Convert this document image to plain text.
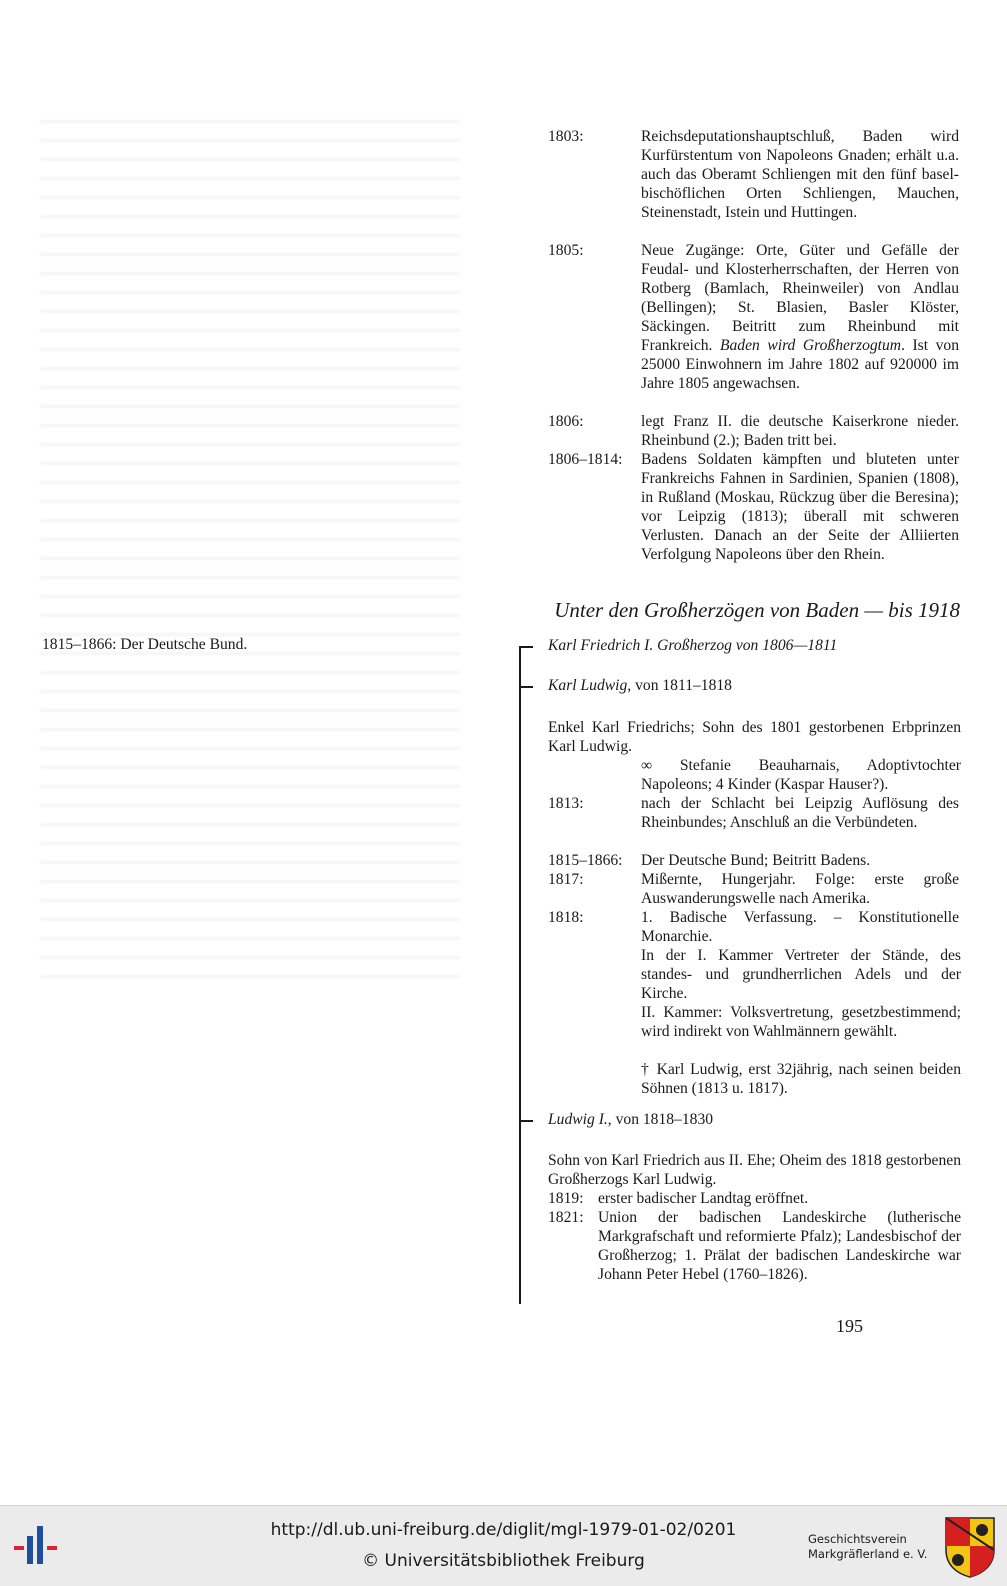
1803:	Reichsdeputationshauptschluß, Baden wird Kurfürstentum von Napoleons Gnaden; erhält u.a. auch das Oberamt Schliengen mit den fünf basel-bischöflichen Orten Schliengen, Mauchen, Steinenstadt, Istein und Huttingen.

1805:	Neue Zugänge: Orte, Güter und Gefälle der Feudal- und Klosterherrschaften, der Herren von Rotberg (Bamlach, Rheinweiler) von Andlau (Bellingen); St. Blasien, Basler Klöster, Säckingen. Beitritt zum Rheinbund mit Frankreich. Baden wird Großherzogtum. Ist von 25000 Einwohnern im Jahre 1802 auf 920000 im Jahre 1805 angewachsen.

1806:	legt Franz II. die deutsche Kaiserkrone nieder. Rheinbund (2.); Baden tritt bei.

1806–1814: Badens Soldaten kämpften und bluteten unter Frankreichs Fahnen in Sardinien, Spanien (1808), in Rußland (Moskau, Rückzug über die Beresina); vor Leipzig (1813); überall mit schweren Verlusten. Danach an der Seite der Alliierten Verfolgung Napoleons über den Rhein.

Unter den Großherzögen von Baden — bis 1918
1815–1866: Der Deutsche Bund.	Karl Friedrich I. Großherzog von 1806—1811
Karl Ludwig, von 1811–1818
Enkel Karl Friedrichs; Sohn des 1801 gestorbenen Erbprinzen Karl Ludwig.
∞ Stefanie Beauharnais, Adoptivtochter Napoleons; 4 Kinder (Kaspar Hauser?).
1813:	nach der Schlacht bei Leipzig Auflösung des Rheinbundes; Anschluß an die Verbündeten.

1815–1866: Der Deutsche Bund; Beitritt Badens.

1817:	Mißernte, Hungerjahr. Folge: erste große Auswanderungswelle nach Amerika.

1818:	1. Badische Verfassung. – Konstitutionelle Monarchie.

In der I. Kammer Vertreter der Stände, des standes- und grundherrlichen Adels und der Kirche.
II. Kammer: Volksvertretung, gesetzbestimmend; wird indirekt von Wahlmännern gewählt.
† Karl Ludwig, erst 32jährig, nach seinen beiden Söhnen (1813 u. 1817).
Ludwig I., von 1818–1830
Sohn von Karl Friedrich aus II. Ehe; Oheim des 1818 gestorbenen Großherzogs Karl Ludwig.
1819: erster badischer Landtag eröffnet.

1821: Union der badischen Landeskirche (lutherische Markgrafschaft und reformierte Pfalz); Landesbischof der Großherzog; 1. Prälat der badischen Landeskirche war Johann Peter Hebel (1760–1826).

195
http://dl.ub.uni-freiburg.de/diglit/mgl-1979-01-02/0201
© Universitätsbibliothek Freiburg
Geschichtsverein
Markgräflerland e. V.
